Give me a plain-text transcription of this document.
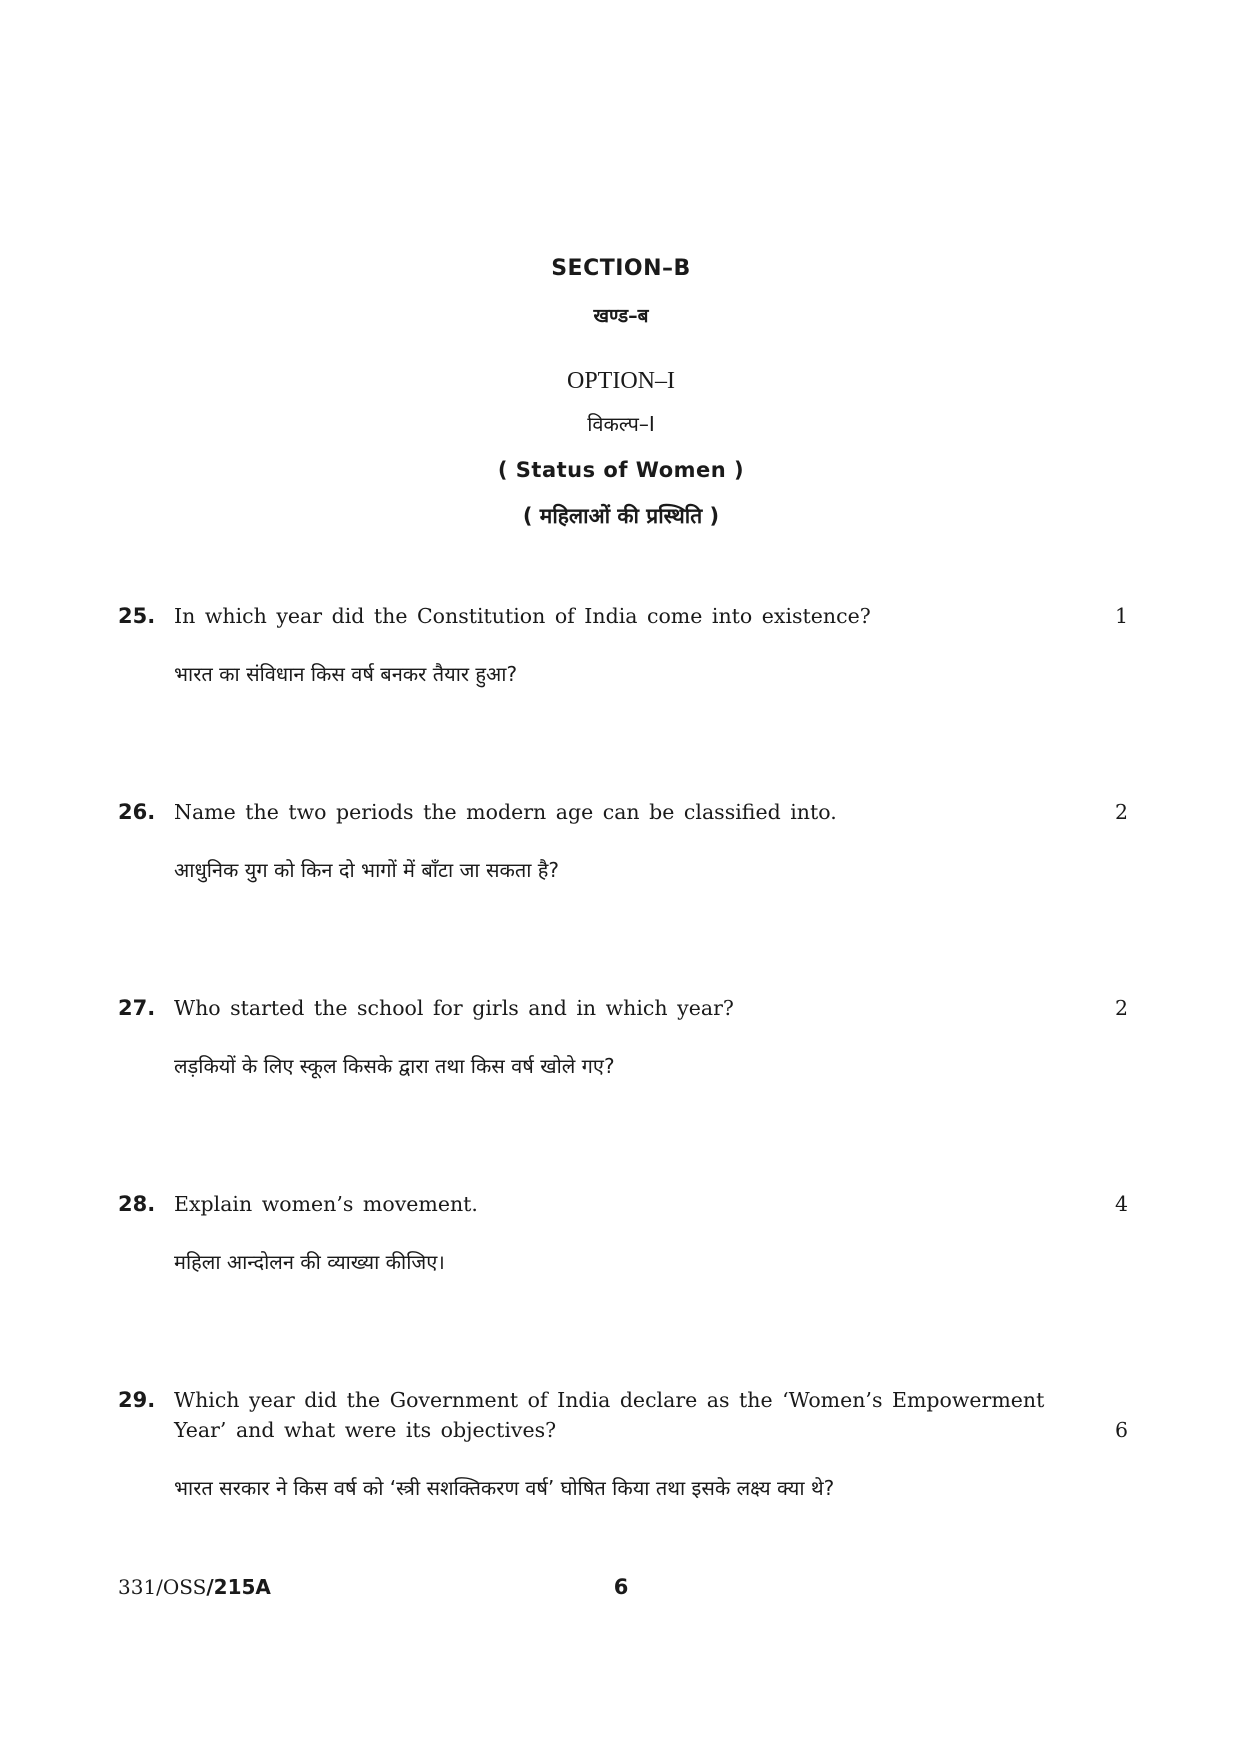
SECTION–B
खण्ड–ब
OPTION–I
विकल्प–I
( Status of Women )
( महिलाओं की प्रस्थिति )
25. In which year did the Constitution of India come into existence?	1
भारत का संविधान किस वर्ष बनकर तैयार हुआ?
26. Name the two periods the modern age can be classified into.	2
आधुनिक युग को किन दो भागों में बाँटा जा सकता है?
27. Who started the school for girls and in which year?	2
लड़कियों के लिए स्कूल किसके द्वारा तथा किस वर्ष खोले गए?
28. Explain women’s movement.	4
महिला आन्दोलन की व्याख्या कीजिए।
29. Which year did the Government of India declare as the ‘Women’s Empowerment Year’ and what were its objectives?	6
भारत सरकार ने किस वर्ष को ‘स्त्री सशक्तिकरण वर्ष’ घोषित किया तथा इसके लक्ष्य क्या थे?
331/OSS/215A	6
